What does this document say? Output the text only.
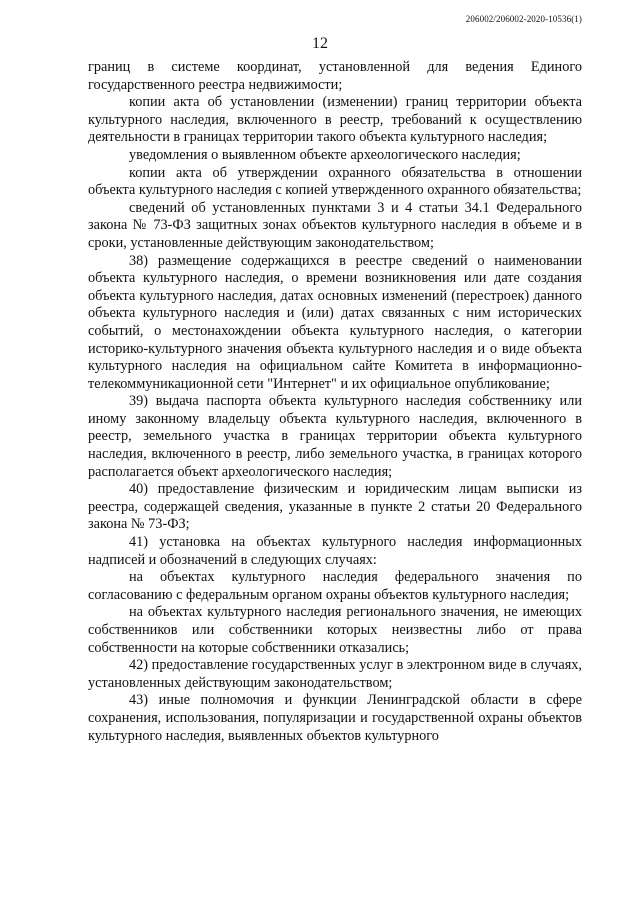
206002/206002-2020-10536(1)
12

границ в системе координат, установленной для ведения Единого государственного реестра недвижимости;

копии акта об установлении (изменении) границ территории объекта культурного наследия, включенного в реестр, требований к осуществлению деятельности в границах территории такого объекта культурного наследия;

уведомления о выявленном объекте археологического наследия;

копии акта об утверждении охранного обязательства в отношении объекта культурного наследия с копией утвержденного охранного обязательства;

сведений об установленных пунктами 3 и 4 статьи 34.1 Федерального закона № 73-ФЗ защитных зонах объектов культурного наследия в объеме и в сроки, установленные действующим законодательством;

38) размещение содержащихся в реестре сведений о наименовании объекта культурного наследия, о времени возникновения или дате создания объекта культурного наследия, датах основных изменений (перестроек) данного объекта культурного наследия и (или) датах связанных с ним исторических событий, о местонахождении объекта культурного наследия, о категории историко-культурного значения объекта культурного наследия и о виде объекта культурного наследия на официальном сайте Комитета в информационно-телекоммуникационной сети "Интернет" и их официальное опубликование;

39) выдача паспорта объекта культурного наследия собственнику или иному законному владельцу объекта культурного наследия, включенного в реестр, земельного участка в границах территории объекта культурного наследия, включенного в реестр, либо земельного участка, в границах которого располагается объект археологического наследия;

40) предоставление физическим и юридическим лицам выписки из реестра, содержащей сведения, указанные в пункте 2 статьи 20 Федерального закона № 73-ФЗ;

41) установка на объектах культурного наследия информационных надписей и обозначений в следующих случаях:

на объектах культурного наследия федерального значения по согласованию с федеральным органом охраны объектов культурного наследия;

на объектах культурного наследия регионального значения, не имеющих собственников или собственники которых неизвестны либо от права собственности на которые собственники отказались;

42) предоставление государственных услуг в электронном виде в случаях, установленных действующим законодательством;

43) иные полномочия и функции Ленинградской области в сфере сохранения, использования, популяризации и государственной охраны объектов культурного наследия, выявленных объектов культурного
